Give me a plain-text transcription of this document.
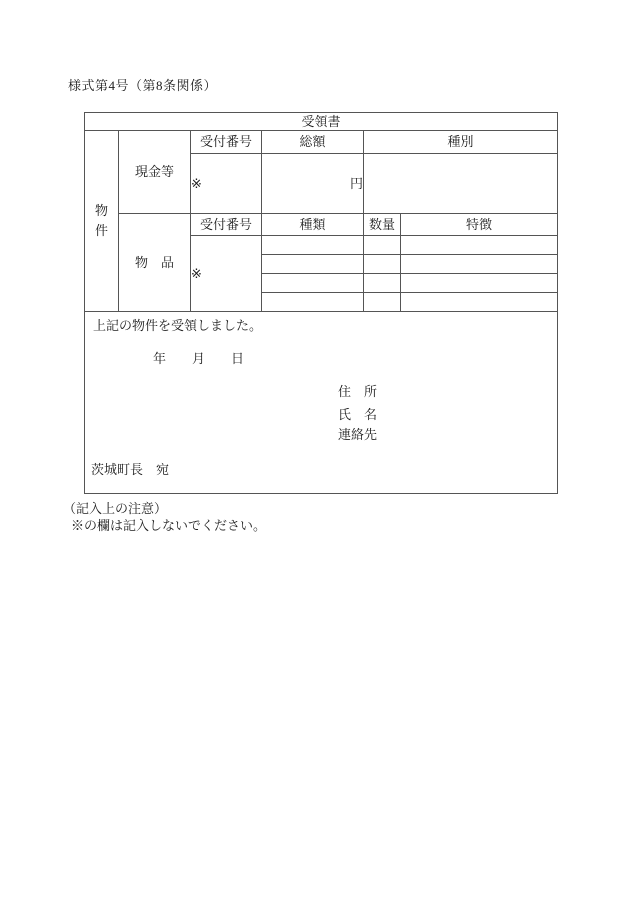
様式第4号（第8条関係）
受領書					

物
件	現金等	受付番号	総額	種別	
		※	円		
	物　品	受付番号	種類	数量	特徴
		※			

上記の物件を受領しました。
年　　月　　日
住　所
氏　名
連絡先
茨城町長　宛
（記入上の注意）
※の欄は記入しないでください。
